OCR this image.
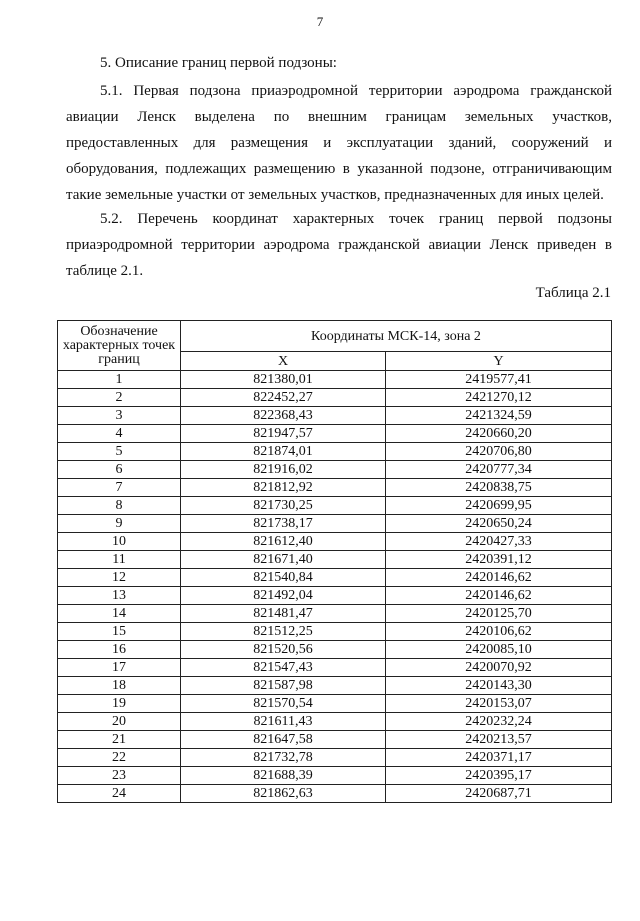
7

5. Описание границ первой подзоны:

5.1. Первая подзона приаэродромной территории аэродрома гражданской авиации Ленск выделена по внешним границам земельных участков, предоставленных для размещения и эксплуатации зданий, сооружений и оборудования, подлежащих размещению в указанной подзоне, отграничивающим такие земельные участки от земельных участков, предназначенных для иных целей.

5.2. Перечень координат характерных точек границ первой подзоны приаэродромной территории аэродрома гражданской авиации Ленск приведен в таблице 2.1.

Таблица 2.1
Обозначение характерных точек границ	Координаты МСК-14, зона 2	
	X	Y
1	821380,01	2419577,41
2	822452,27	2421270,12
3	822368,43	2421324,59
4	821947,57	2420660,20
5	821874,01	2420706,80
6	821916,02	2420777,34
7	821812,92	2420838,75
8	821730,25	2420699,95
9	821738,17	2420650,24
10	821612,40	2420427,33
11	821671,40	2420391,12
12	821540,84	2420146,62
13	821492,04	2420146,62
14	821481,47	2420125,70
15	821512,25	2420106,62
16	821520,56	2420085,10
17	821547,43	2420070,92
18	821587,98	2420143,30
19	821570,54	2420153,07
20	821611,43	2420232,24
21	821647,58	2420213,57
22	821732,78	2420371,17
23	821688,39	2420395,17
24	821862,63	2420687,71
